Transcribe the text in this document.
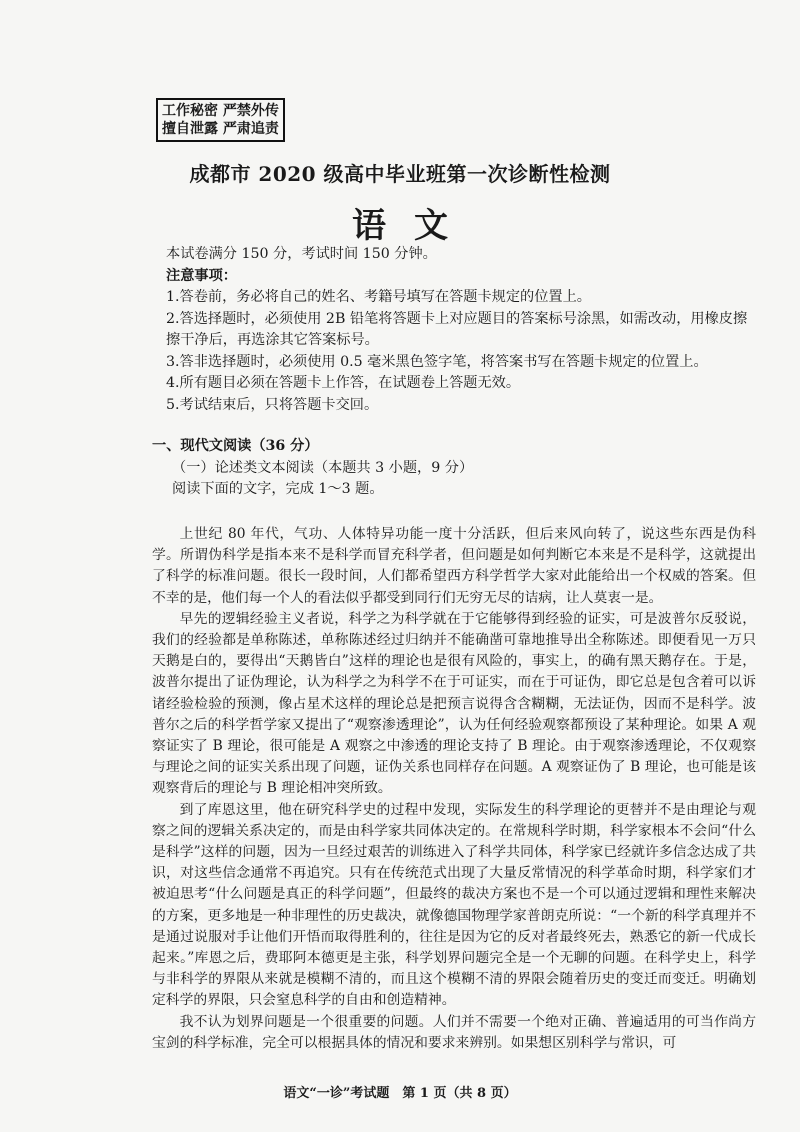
工作秘密 严禁外传
擅自泄露 严肃追责
成都市 2020 级高中毕业班第一次诊断性检测
语文

本试卷满分 150 分，考试时间 150 分钟。

注意事项：

1.答卷前，务必将自己的姓名、考籍号填写在答题卡规定的位置上。

2.答选择题时，必须使用 2B 铅笔将答题卡上对应题目的答案标号涂黑，如需改动，用橡皮擦擦干净后，再选涂其它答案标号。

3.答非选择题时，必须使用 0.5 毫米黑色签字笔，将答案书写在答题卡规定的位置上。

4.所有题目必须在答题卡上作答，在试题卷上答题无效。

5.考试结束后，只将答题卡交回。

一、现代文阅读（36 分）

（一）论述类文本阅读（本题共 3 小题，9 分）

阅读下面的文字，完成 1～3 题。

上世纪 80 年代，气功、人体特异功能一度十分活跃，但后来风向转了，说这些东西是伪科学。所谓伪科学是指本来不是科学而冒充科学者，但问题是如何判断它本来是不是科学，这就提出了科学的标准问题。很长一段时间，人们都希望西方科学哲学大家对此能给出一个权威的答案。但不幸的是，他们每一个人的看法似乎都受到同行们无穷无尽的诘病，让人莫衷一是。

早先的逻辑经验主义者说，科学之为科学就在于它能够得到经验的证实，可是波普尔反驳说，我们的经验都是单称陈述，单称陈述经过归纳并不能确凿可靠地推导出全称陈述。即便看见一万只天鹅是白的，要得出“天鹅皆白”这样的理论也是很有风险的，事实上，的确有黑天鹅存在。于是，波普尔提出了证伪理论，认为科学之为科学不在于可证实，而在于可证伪，即它总是包含着可以诉诸经验检验的预测，像占星术这样的理论总是把预言说得含含糊糊，无法证伪，因而不是科学。波普尔之后的科学哲学家又提出了“观察渗透理论”，认为任何经验观察都预设了某种理论。如果 A 观察证实了 B 理论，很可能是 A 观察之中渗透的理论支持了 B 理论。由于观察渗透理论，不仅观察与理论之间的证实关系出现了问题，证伪关系也同样存在问题。A 观察证伪了 B 理论，也可能是该观察背后的理论与 B 理论相冲突所致。

到了库恩这里，他在研究科学史的过程中发现，实际发生的科学理论的更替并不是由理论与观察之间的逻辑关系决定的，而是由科学家共同体决定的。在常规科学时期，科学家根本不会问“什么是科学”这样的问题，因为一旦经过艰苦的训练进入了科学共同体，科学家已经就许多信念达成了共识，对这些信念通常不再追究。只有在传统范式出现了大量反常情况的科学革命时期，科学家们才被迫思考“什么问题是真正的科学问题”，但最终的裁决方案也不是一个可以通过逻辑和理性来解决的方案，更多地是一种非理性的历史裁决，就像德国物理学家普朗克所说：“一个新的科学真理并不是通过说服对手让他们开悟而取得胜利的，往往是因为它的反对者最终死去，熟悉它的新一代成长起来。”库恩之后，费耶阿本德更是主张，科学划界问题完全是一个无聊的问题。在科学史上，科学与非科学的界限从来就是模糊不清的，而且这个模糊不清的界限会随着历史的变迁而变迁。明确划定科学的界限，只会窒息科学的自由和创造精神。

我不认为划界问题是一个很重要的问题。人们并不需要一个绝对正确、普遍适用的可当作尚方宝剑的科学标准，完全可以根据具体的情况和要求来辨别。如果想区别科学与常识，可

语文“一诊”考试题　第 1 页（共 8 页）
